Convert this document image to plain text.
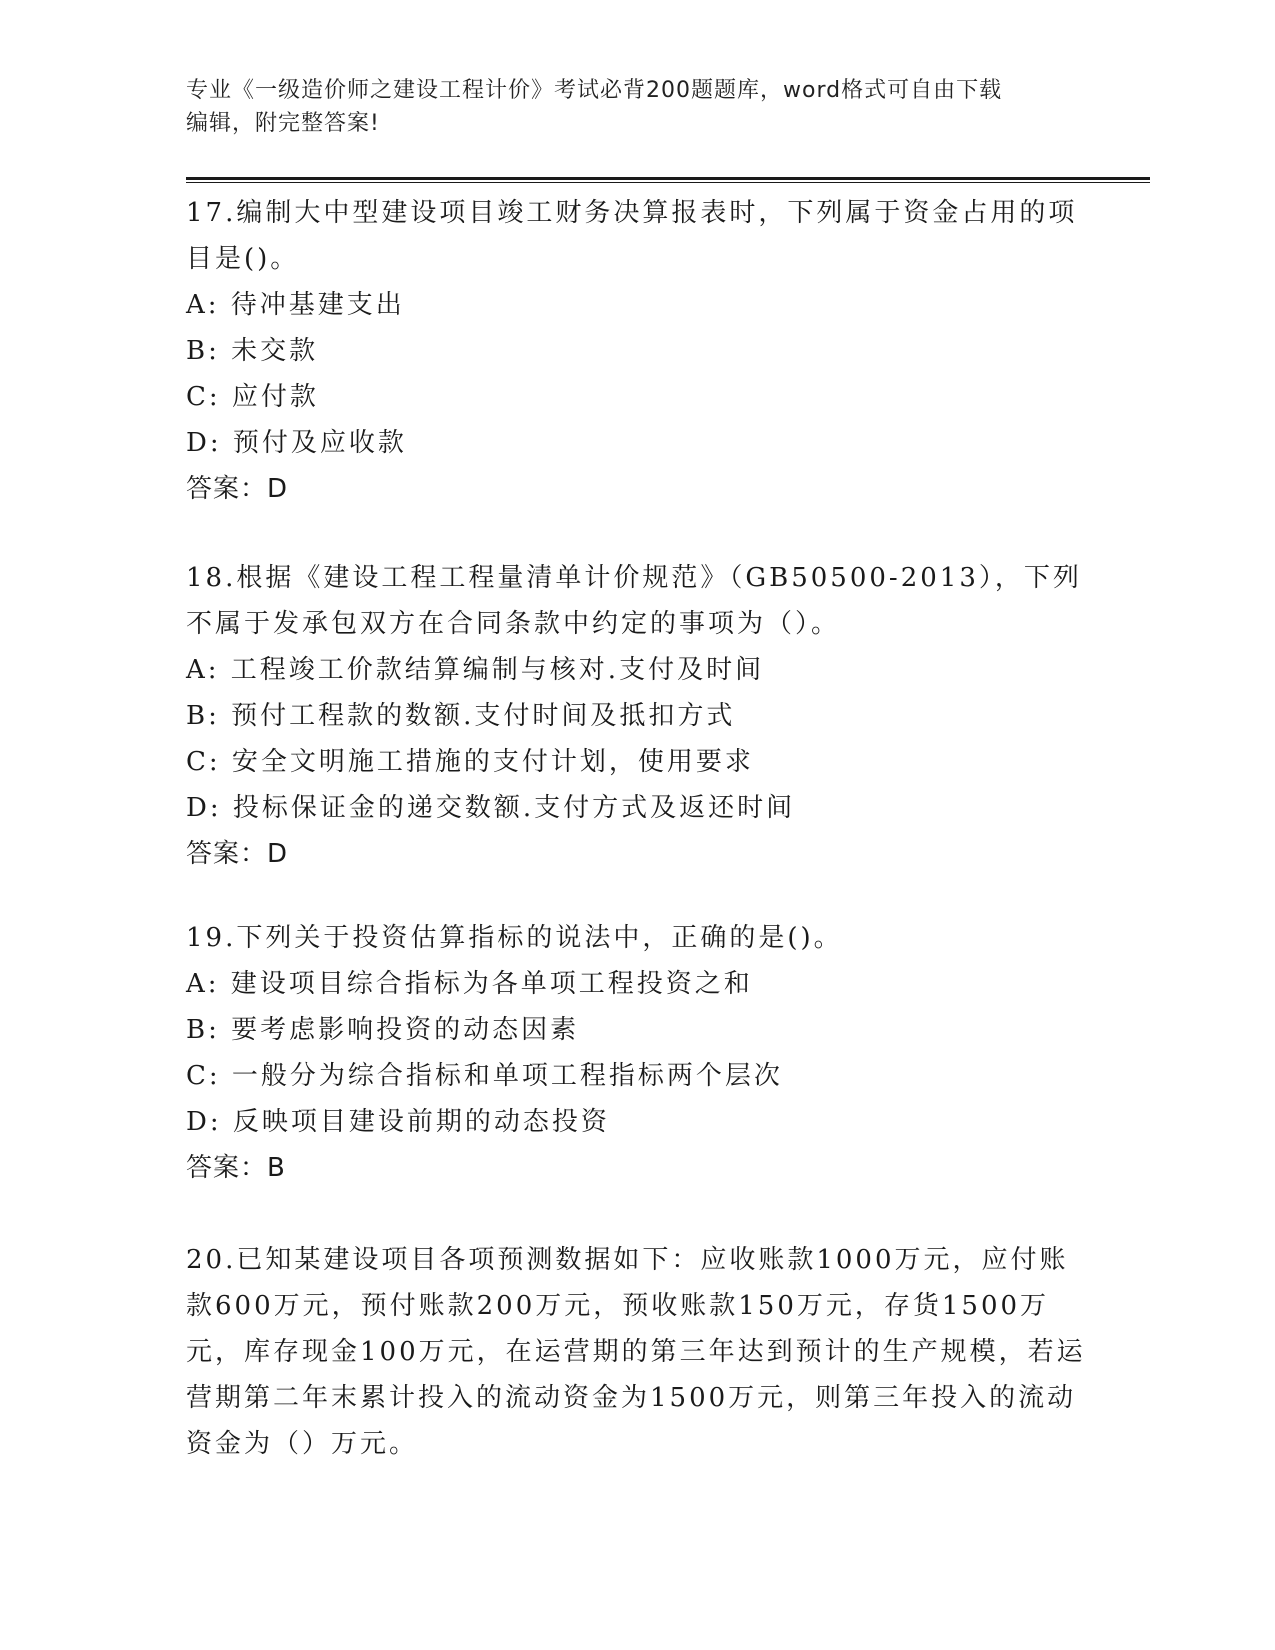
专业《一级造价师之建设工程计价》考试必背200题题库，word格式可自由下载
编辑，附完整答案!

17.编制大中型建设项目竣工财务决算报表时，下列属于资金占用的项目是()。

A: 待冲基建支出

B: 未交款

C: 应付款

D: 预付及应收款

答案：D

18.根据《建设工程工程量清单计价规范》（GB50500-2013），下列不属于发承包双方在合同条款中约定的事项为（）。

A: 工程竣工价款结算编制与核对.支付及时间

B: 预付工程款的数额.支付时间及抵扣方式

C: 安全文明施工措施的支付计划，使用要求

D: 投标保证金的递交数额.支付方式及返还时间

答案：D

19.下列关于投资估算指标的说法中，正确的是()。

A: 建设项目综合指标为各单项工程投资之和

B: 要考虑影响投资的动态因素

C: 一般分为综合指标和单项工程指标两个层次

D: 反映项目建设前期的动态投资

答案：B

20.已知某建设项目各项预测数据如下：应收账款1000万元，应付账款600万元，预付账款200万元，预收账款150万元，存货1500万元，库存现金100万元，在运营期的第三年达到预计的生产规模，若运营期第二年末累计投入的流动资金为1500万元，则第三年投入的流动资金为（）万元。
